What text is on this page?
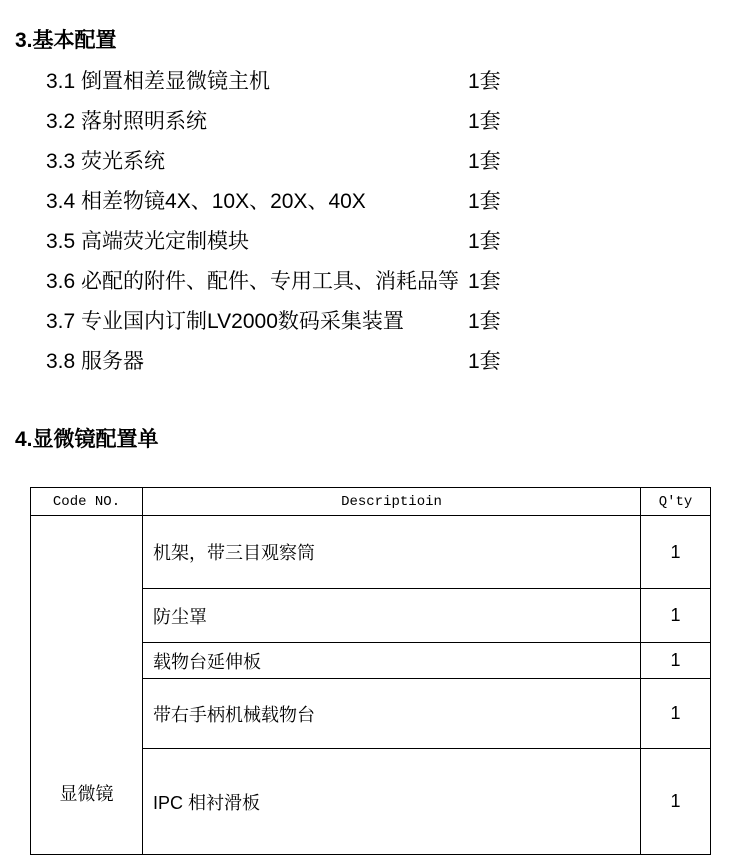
3.基本配置
3.1 倒置相差显微镜主机	1套
3.2 落射照明系统	1套
3.3 荧光系统	1套
3.4 相差物镜4X、10X、20X、40X	1套
3.5 高端荧光定制模块	1套
3.6 必配的附件、配件、专用工具、消耗品等 1套
3.7 专业国内订制LV2000数码采集装置	1套
3.8 服务器	1套
4.显微镜配置单
Code NO.	Descriptioin	Q'ty

显微镜	机架，带三目观察筒	1
	防尘罩	1
	载物台延伸板	1
	带右手柄机械载物台	1
	IPC 相衬滑板	1
